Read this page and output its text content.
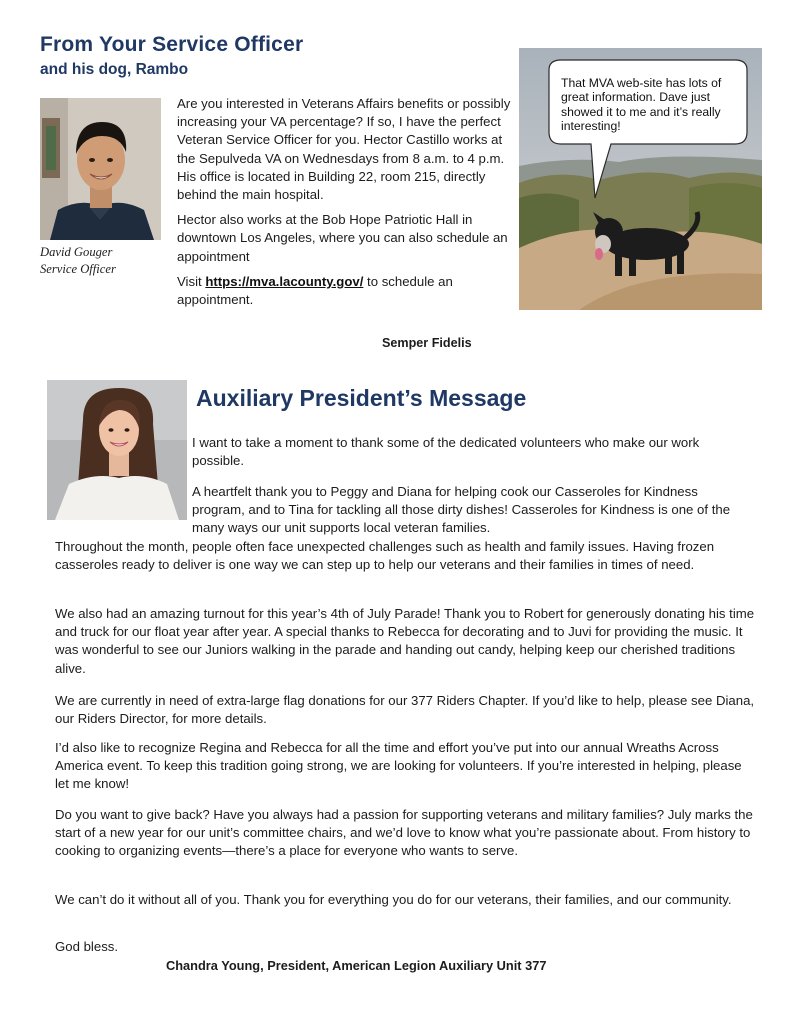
From Your Service Officer
and his dog, Rambo
David Gouger
Service Officer

Are you interested in Veterans Affairs benefits or possibly increasing your VA percentage? If so, I have the perfect Veteran Service Officer for you. Hector Castillo works at the Sepulveda VA on Wednesdays from 8 a.m. to 4 p.m. His office is located in Building 22, room 215, directly behind the main hospital.

Hector also works at the Bob Hope Patriotic Hall in downtown Los Angeles, where you can also schedule an appointment

Visit https://mva.lacounty.gov/ to schedule an appointment.

Semper Fidelis
That MVA web-site has lots of great information. Dave just showed it to me and it’s really interesting!
Auxiliary President’s Message

I want to take a moment to thank some of the dedicated volunteers who make our work possible.

A heartfelt thank you to Peggy and Diana for helping cook our Casseroles for Kindness program, and to Tina for tackling all those dirty dishes! Casseroles for Kindness is one of the many ways our unit supports local veteran families.

Throughout the month, people often face unexpected challenges such as health and family issues. Having frozen casseroles ready to deliver is one way we can step up to help our veterans and their families in times of need.

We also had an amazing turnout for this year’s 4th of July Parade! Thank you to Robert for generously donating his time and truck for our float year after year. A special thanks to Rebecca for decorating and to Juvi for providing the music. It was wonderful to see our Juniors walking in the parade and handing out candy, helping keep our cherished traditions alive.

We are currently in need of extra-large flag donations for our 377 Riders Chapter. If you’d like to help, please see Diana, our Riders Director, for more details.

I’d also like to recognize Regina and Rebecca for all the time and effort you’ve put into our annual Wreaths Across America event. To keep this tradition going strong, we are looking for volunteers. If you’re interested in helping, please let me know!

Do you want to give back? Have you always had a passion for supporting veterans and military families? July marks the start of a new year for our unit’s committee chairs, and we’d love to know what you’re passionate about. From history to cooking to organizing events—there’s a place for everyone who wants to serve.

We can’t do it without all of you. Thank you for everything you do for our veterans, their families, and our community.

God bless.

Chandra Young, President, American Legion Auxiliary Unit 377
